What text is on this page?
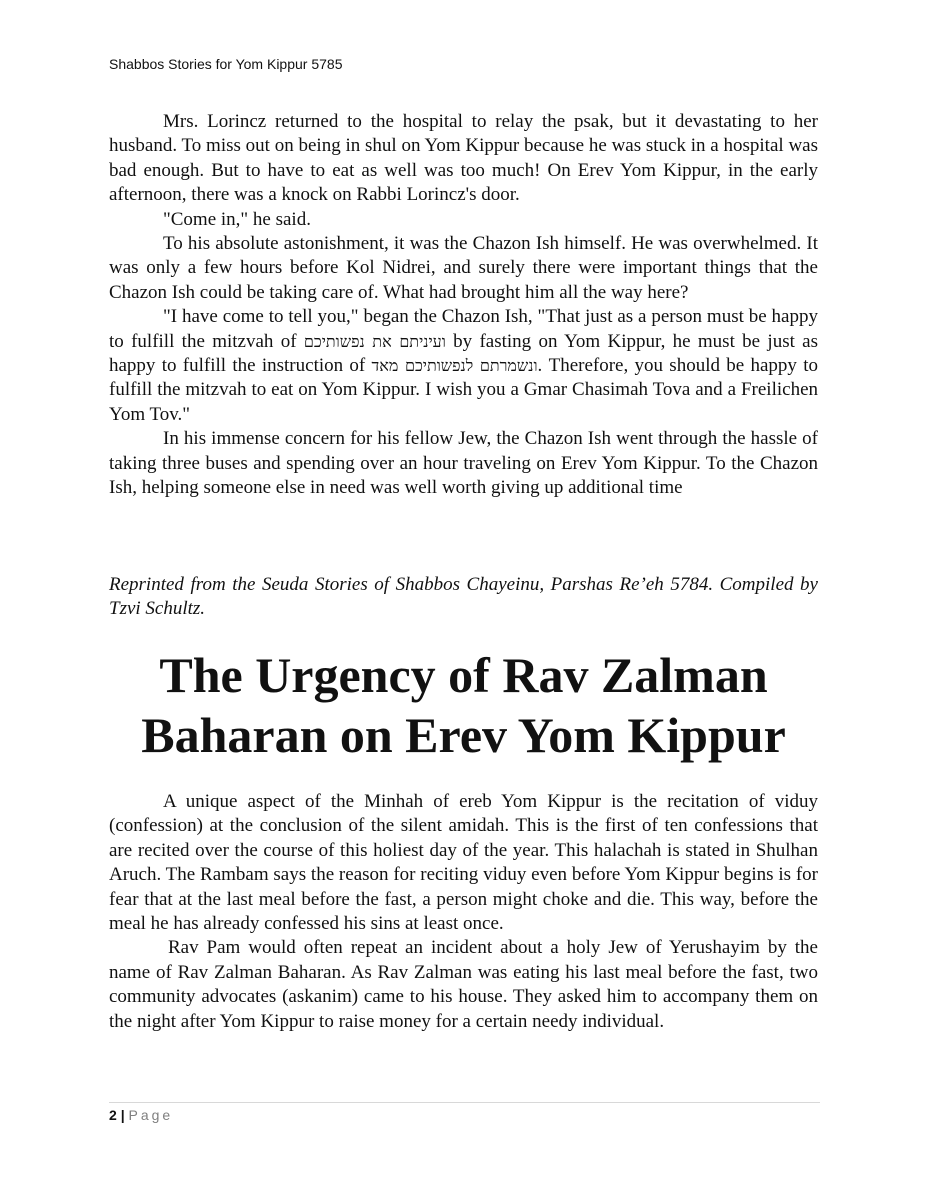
Shabbos Stories for Yom Kippur 5785

Mrs. Lorincz returned to the hospital to relay the psak, but it devastating to her husband. To miss out on being in shul on Yom Kippur because he was stuck in a hospital was bad enough. But to have to eat as well was too much! On Erev Yom Kippur, in the early afternoon, there was a knock on Rabbi Lorincz's door.

"Come in," he said.

To his absolute astonishment, it was the Chazon Ish himself. He was overwhelmed. It was only a few hours before Kol Nidrei, and surely there were important things that the Chazon Ish could be taking care of. What had brought him all the way here?

"I have come to tell you," began the Chazon Ish, "That just as a person must be happy to fulfill the mitzvah of ועיניתם את נפשותיכם by fasting on Yom Kippur, he must be just as happy to fulfill the instruction of ונשמרתם לנפשותיכם מאד. Therefore, you should be happy to fulfill the mitzvah to eat on Yom Kippur. I wish you a Gmar Chasimah Tova and a Freilichen Yom Tov."

In his immense concern for his fellow Jew, the Chazon Ish went through the hassle of taking three buses and spending over an hour traveling on Erev Yom Kippur. To the Chazon Ish, helping someone else in need was well worth giving up additional time

Reprinted from the Seuda Stories of Shabbos Chayeinu, Parshas Re’eh 5784. Compiled by Tzvi Schultz.

The Urgency of Rav Zalman Baharan on Erev Yom Kippur

A unique aspect of the Minhah of ereb Yom Kippur is the recitation of viduy (confession) at the conclusion of the silent amidah. This is the first of ten confessions that are recited over the course of this holiest day of the year. This halachah is stated in Shulhan Aruch. The Rambam says the reason for reciting viduy even before Yom Kippur begins is for fear that at the last meal before the fast, a person might choke and die. This way, before the meal he has already confessed his sins at least once.

Rav Pam would often repeat an incident about a holy Jew of Yerushayim by the name of Rav Zalman Baharan. As Rav Zalman was eating his last meal before the fast, two community advocates (askanim) came to his house. They asked him to accompany them on the night after Yom Kippur to raise money for a certain needy individual.

2 | Page
